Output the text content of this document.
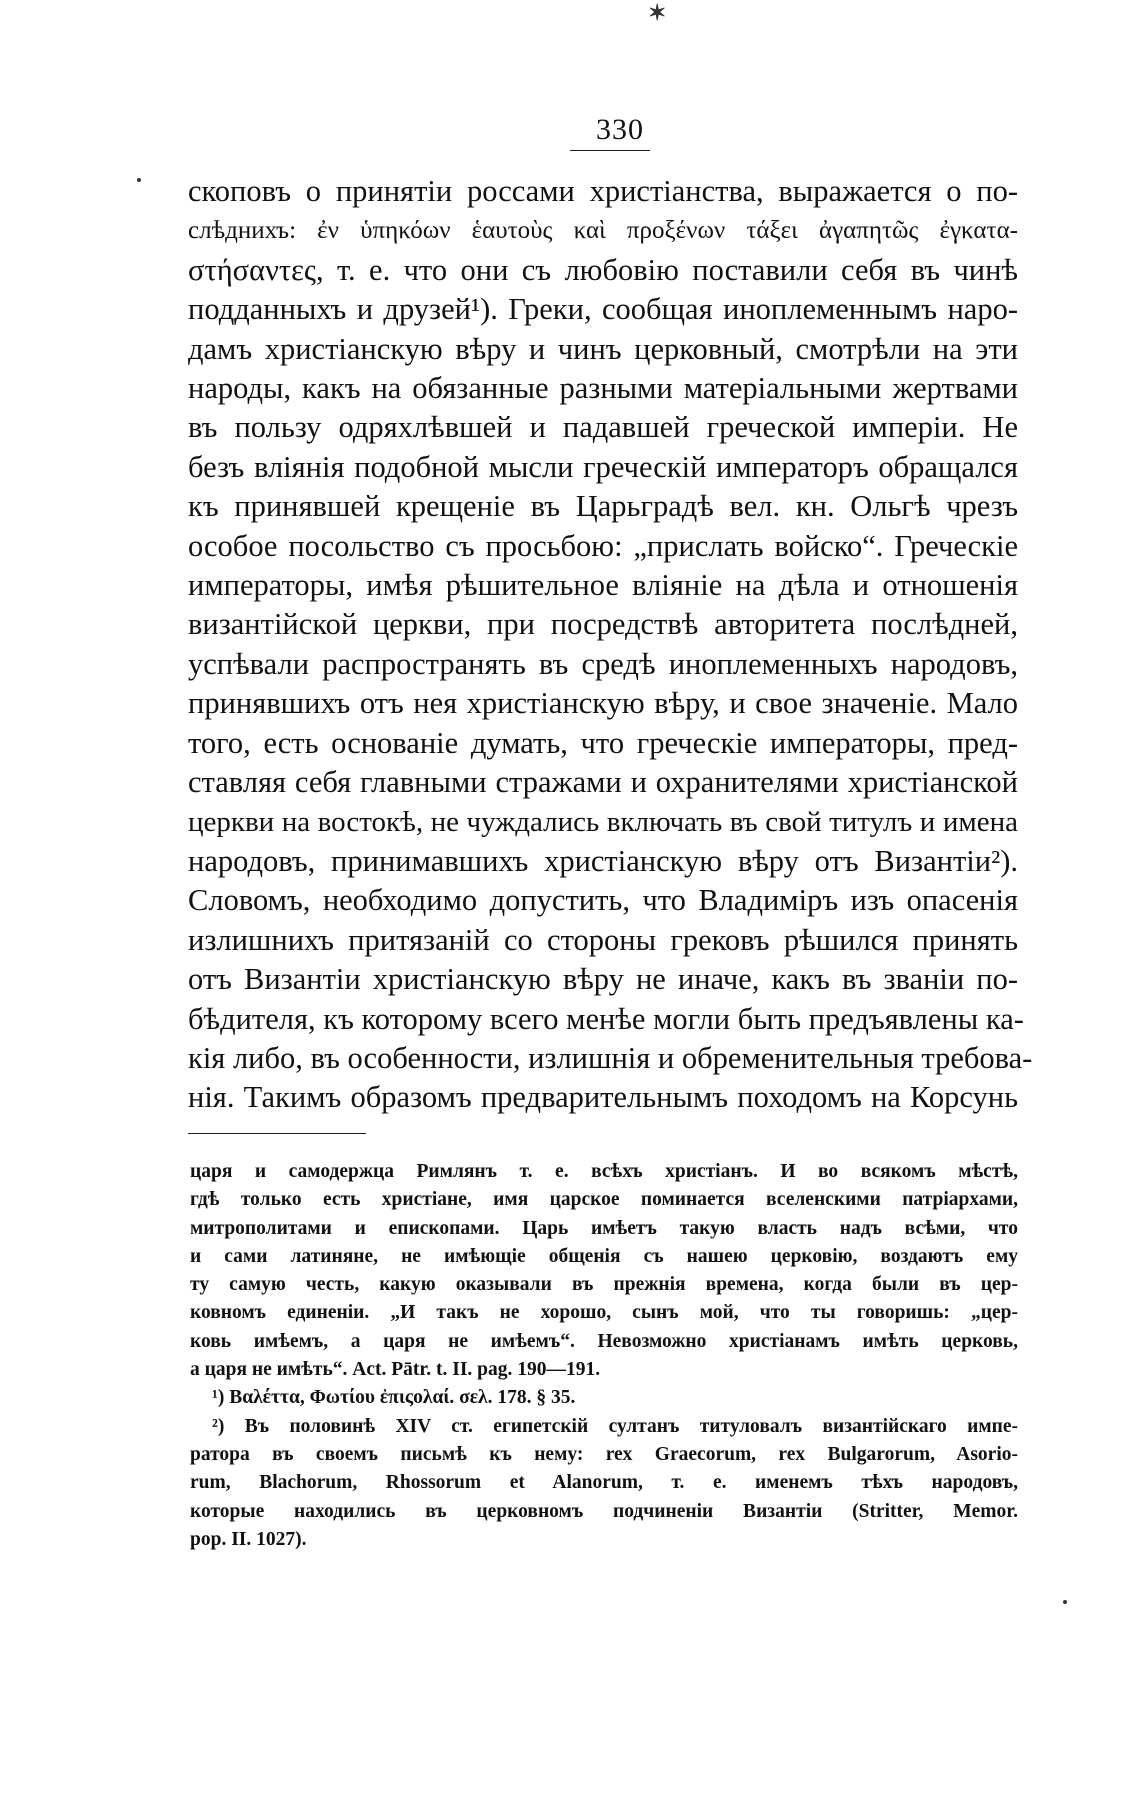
✶
330
скоповъ о принятіи россами христіанства, выражается о по-
слѣднихъ: ἐν ὑπηκόων ἑαυτοὺς καὶ προξένων τάξει ἀγαπητῶς ἐγκατα-
στήσαντες, т. е. что они съ любовію поставили себя въ чинѣ
подданныхъ и друзей¹). Греки, сообщая иноплеменнымъ наро-
дамъ христіанскую вѣру и чинъ церковный, смотрѣли на эти
народы, какъ на обязанные разными матеріальными жертвами
въ пользу одряхлѣвшей и падавшей греческой имперіи. Не
безъ вліянія подобной мысли греческій императоръ обращался
къ принявшей крещеніе въ Царьградѣ вел. кн. Ольгѣ чрезъ
особое посольство съ просьбою: „прислать войско“. Греческіе
императоры, имѣя рѣшительное вліяніе на дѣла и отношенія
византійской церкви, при посредствѣ авторитета послѣдней,
успѣвали распространять въ средѣ иноплеменныхъ народовъ,
принявшихъ отъ нея христіанскую вѣру, и свое значеніе. Мало
того, есть основаніе думать, что греческіе императоры, пред-
ставляя себя главными стражами и охранителями христіанской
церкви на востокѣ, не чуждались включать въ свой титулъ и имена
народовъ, принимавшихъ христіанскую вѣру отъ Византіи²).
Словомъ, необходимо допустить, что Владиміръ изъ опасенія
излишнихъ притязаній со стороны грековъ рѣшился принять
отъ Византіи христіанскую вѣру не иначе, какъ въ званіи по-
бѣдителя, къ которому всего менѣе могли быть предъявлены ка-
кія либо, въ особенности, излишнія и обременительныя требова-
нія. Такимъ образомъ предварительнымъ походомъ на Корсунь
царя и самодержца Римлянъ т. е. всѣхъ христіанъ. И во всякомъ мѣстѣ,
гдѣ только есть христіане, имя царское поминается вселенскими патріархами,
митрополитами и епископами. Царь имѣетъ такую власть надъ всѣми, что
и сами латиняне, не имѣющіе общенія съ нашею церковію, воздаютъ ему
ту самую честь, какую оказывали въ прежнія времена, когда были въ цер-
ковномъ единеніи. „И такъ не хорошо, сынъ мой, что ты говоришь: „цер-
ковь имѣемъ, а царя не имѣемъ“. Невозможно христіанамъ имѣть церковь,
а царя не имѣть“. Act. Pātr. t. II. pag. 190—191.
¹) Βαλέττα, Φωτίου ἐπιςολαί. σελ. 178. § 35.
²) Въ половинѣ XIV ст. египетскій султанъ титуловалъ византійскаго импе-
ратора въ своемъ письмѣ къ нему: rex Graecorum, rex Bulgarorum, Asorio-
rum, Blachorum, Rhossorum et Alanorum, т. е. именемъ тѣхъ народовъ,
которые находились въ церковномъ подчиненіи Византіи (Stritter, Memor.
pop. II. 1027).
